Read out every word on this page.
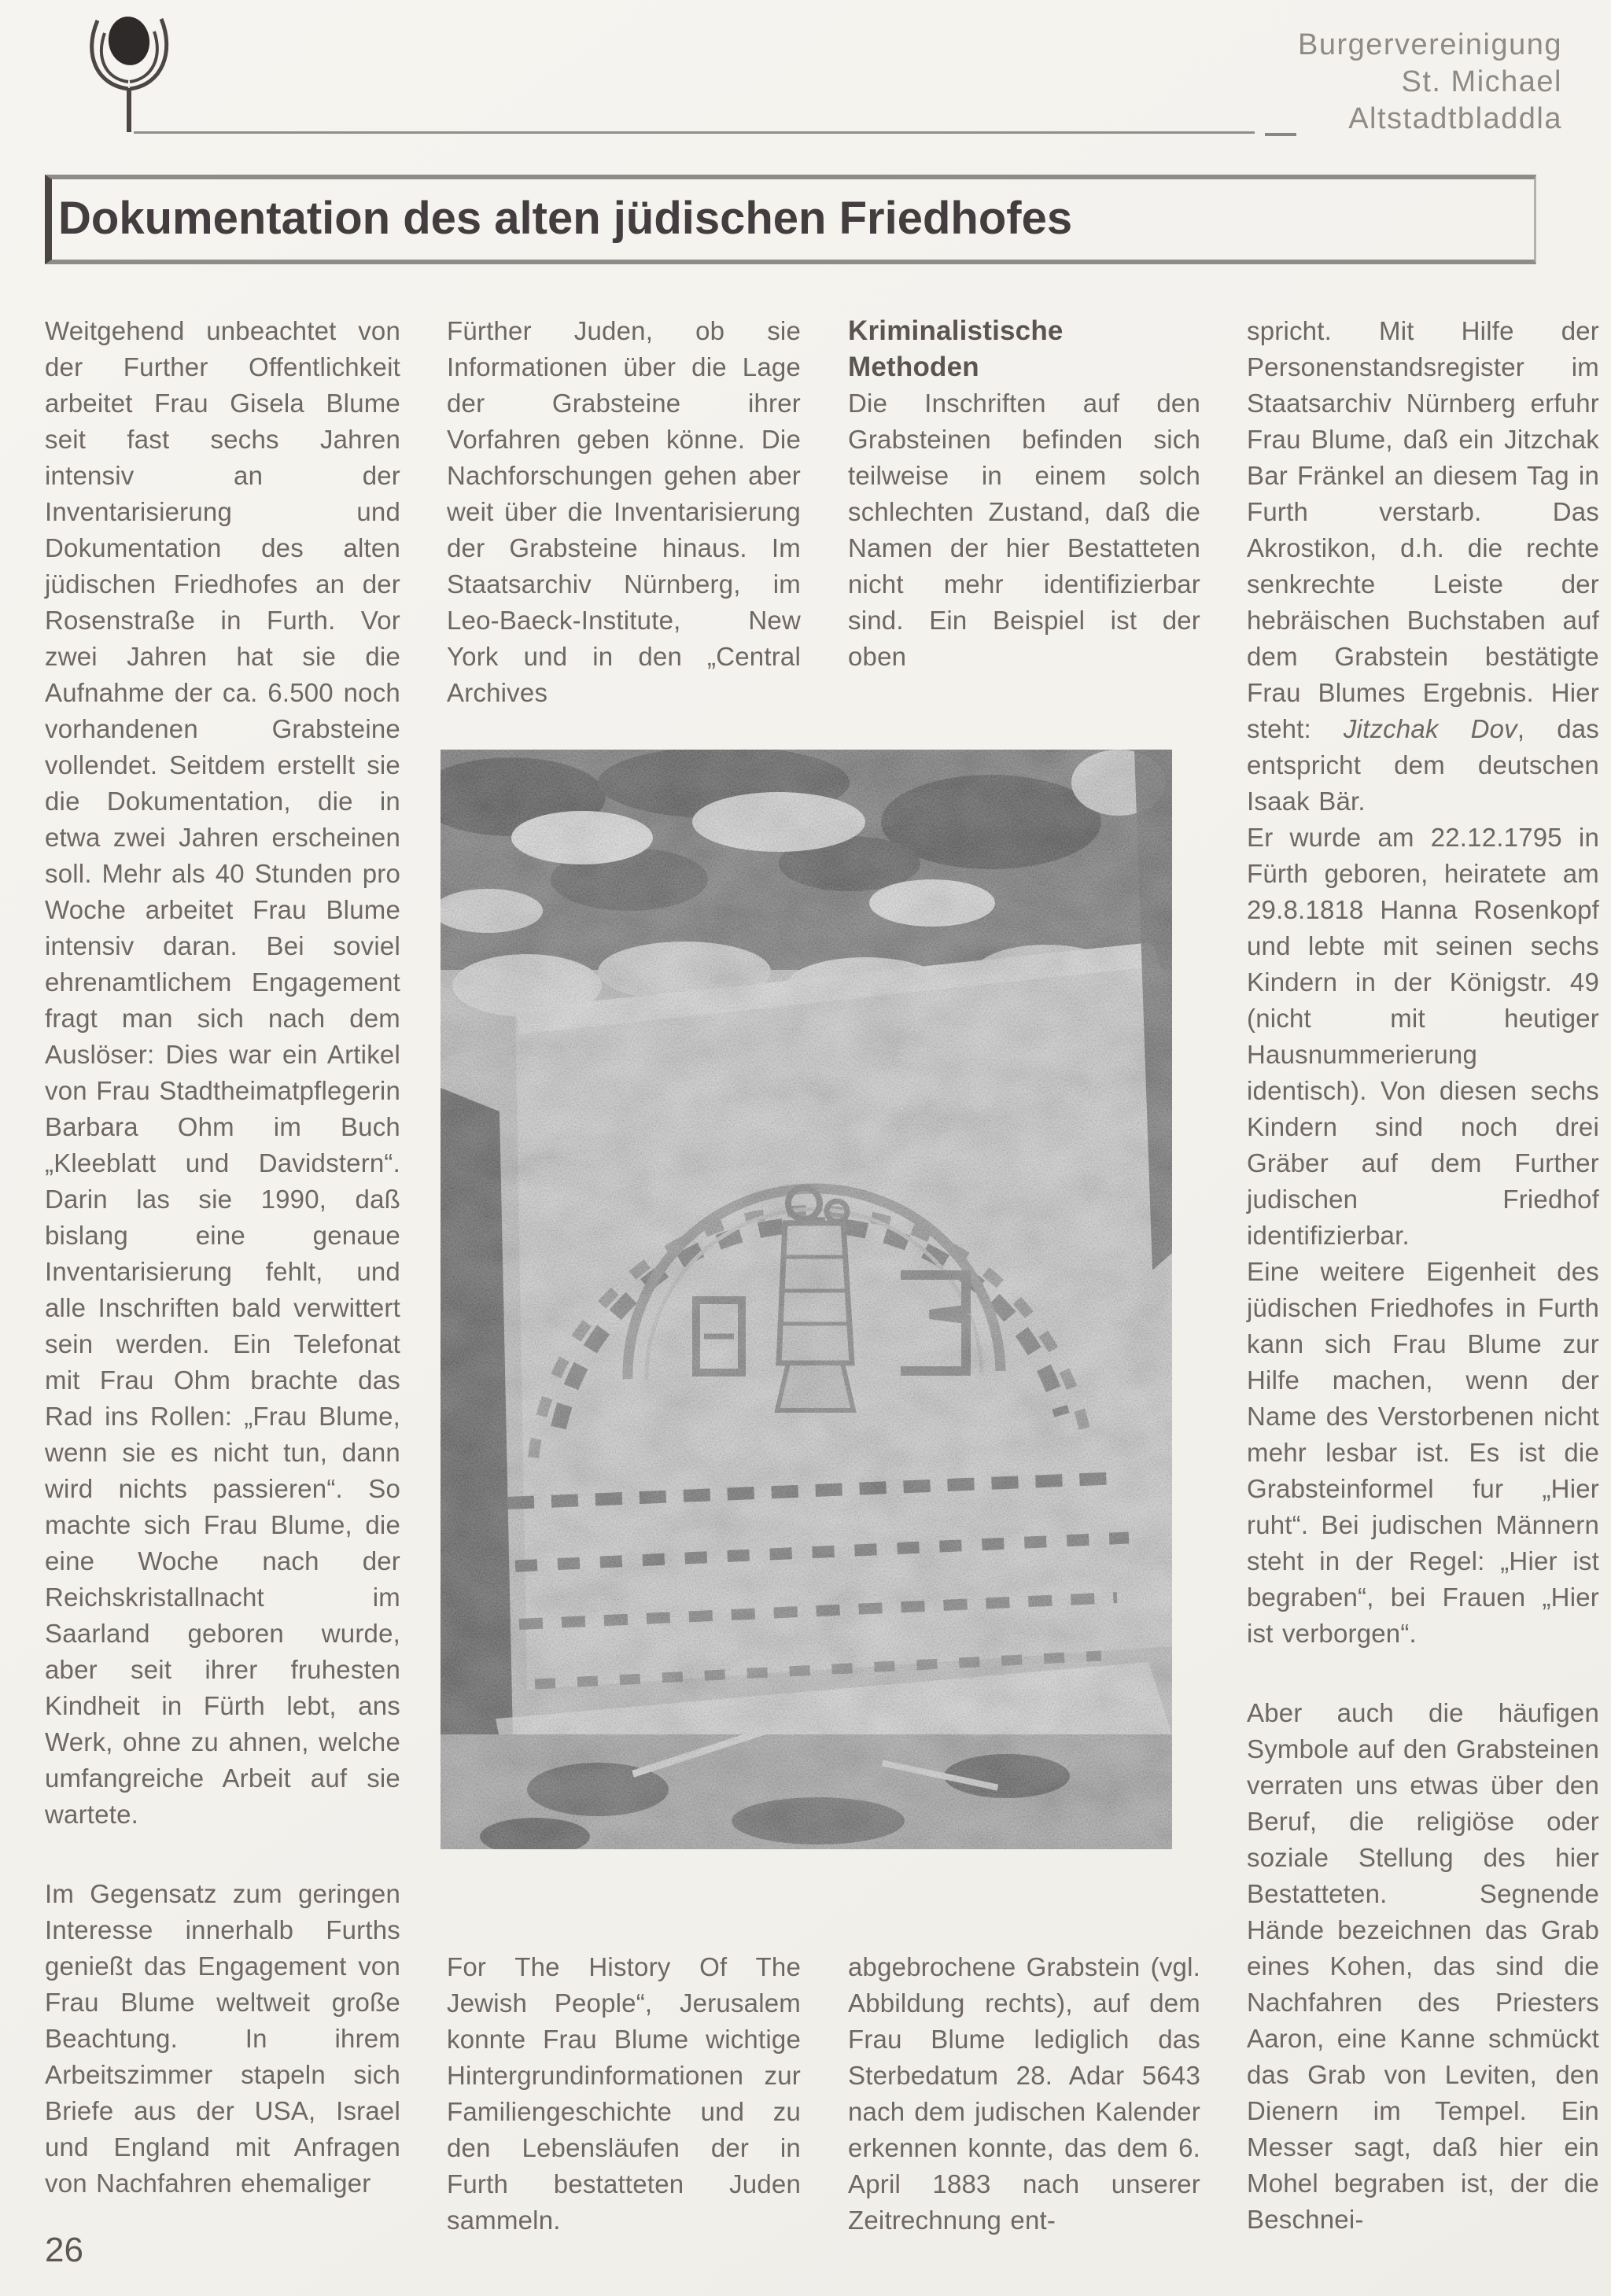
Burgervereinigung
St. Michael
Altstadtbladdla
Dokumentation des alten jüdischen Friedhofes

Weitgehend unbeachtet von der Further Offentlichkeit arbeitet Frau Gisela Blume seit fast sechs Jahren intensiv an der Inventarisierung und Dokumentation des alten jüdischen Friedhofes an der Rosenstraße in Furth. Vor zwei Jahren hat sie die Aufnahme der ca. 6.500 noch vorhandenen Grabsteine vollendet. Seitdem erstellt sie die Dokumentation, die in etwa zwei Jahren erscheinen soll. Mehr als 40 Stunden pro Woche arbeitet Frau Blume intensiv daran. Bei soviel ehrenamtlichem Engagement fragt man sich nach dem Auslöser: Dies war ein Artikel von Frau Stadtheimatpflegerin Barbara Ohm im Buch „Kleeblatt und Davidstern“. Darin las sie 1990, daß bislang eine genaue Inventarisierung fehlt, und alle Inschriften bald verwittert sein werden. Ein Telefonat mit Frau Ohm brachte das Rad ins Rollen: „Frau Blume, wenn sie es nicht tun, dann wird nichts passieren“. So machte sich Frau Blume, die eine Woche nach der Reichskristallnacht im Saarland geboren wurde, aber seit ihrer fruhesten Kindheit in Fürth lebt, ans Werk, ohne zu ahnen, welche umfangreiche Arbeit auf sie wartete.

Im Gegensatz zum geringen Interesse innerhalb Furths genießt das Engagement von Frau Blume weltweit große Beachtung. In ihrem Arbeitszimmer stapeln sich Briefe aus der USA, Israel und England mit Anfragen von Nachfahren ehemaliger

Fürther Juden, ob sie Informationen über die Lage der Grabsteine ihrer Vorfahren geben könne. Die Nachforschungen gehen aber weit über die Inventarisierung der Grabsteine hinaus. Im Staatsarchiv Nürnberg, im Leo-Baeck-Institute, New York und in den „Central Archives

Kriminalistische Methoden

Die Inschriften auf den Grabsteinen befinden sich teilweise in einem solch schlechten Zustand, daß die Namen der hier Bestatteten nicht mehr identifizierbar sind. Ein Beispiel ist der oben

spricht. Mit Hilfe der Personenstandsregister im Staatsarchiv Nürnberg erfuhr Frau Blume, daß ein Jitzchak Bar Fränkel an diesem Tag in Furth verstarb. Das Akrostikon, d.h. die rechte senkrechte Leiste der hebräischen Buchstaben auf dem Grabstein bestätigte Frau Blumes Ergebnis. Hier steht: Jitzchak Dov, das entspricht dem deutschen Isaak Bär.

Er wurde am 22.12.1795 in Fürth geboren, heiratete am 29.8.1818 Hanna Rosenkopf und lebte mit seinen sechs Kindern in der Königstr. 49 (nicht mit heutiger Hausnummerierung identisch). Von diesen sechs Kindern sind noch drei Gräber auf dem Further judischen Friedhof identifizierbar.

Eine weitere Eigenheit des jüdischen Friedhofes in Furth kann sich Frau Blume zur Hilfe machen, wenn der Name des Verstorbenen nicht mehr lesbar ist. Es ist die Grabsteinformel fur „Hier ruht“. Bei judischen Männern steht in der Regel: „Hier ist begraben“, bei Frauen „Hier ist verborgen“.

Aber auch die häufigen Symbole auf den Grabsteinen verraten uns etwas über den Beruf, die religiöse oder soziale Stellung des hier Bestatteten. Segnende Hände bezeichnen das Grab eines Kohen, das sind die Nachfahren des Priesters Aaron, eine Kanne schmückt das Grab von Leviten, den Dienern im Tempel. Ein Messer sagt, daß hier ein Mohel begraben ist, der die Beschnei-

For The History Of The Jewish People“, Jerusalem konnte Frau Blume wichtige Hintergrundinformationen zur Familiengeschichte und zu den Lebensläufen der in Furth bestatteten Juden sammeln.

abgebrochene Grabstein (vgl. Abbildung rechts), auf dem Frau Blume lediglich das Sterbedatum 28. Adar 5643 nach dem judischen Kalender erkennen konnte, das dem 6. April 1883 nach unserer Zeitrechnung ent-

26
